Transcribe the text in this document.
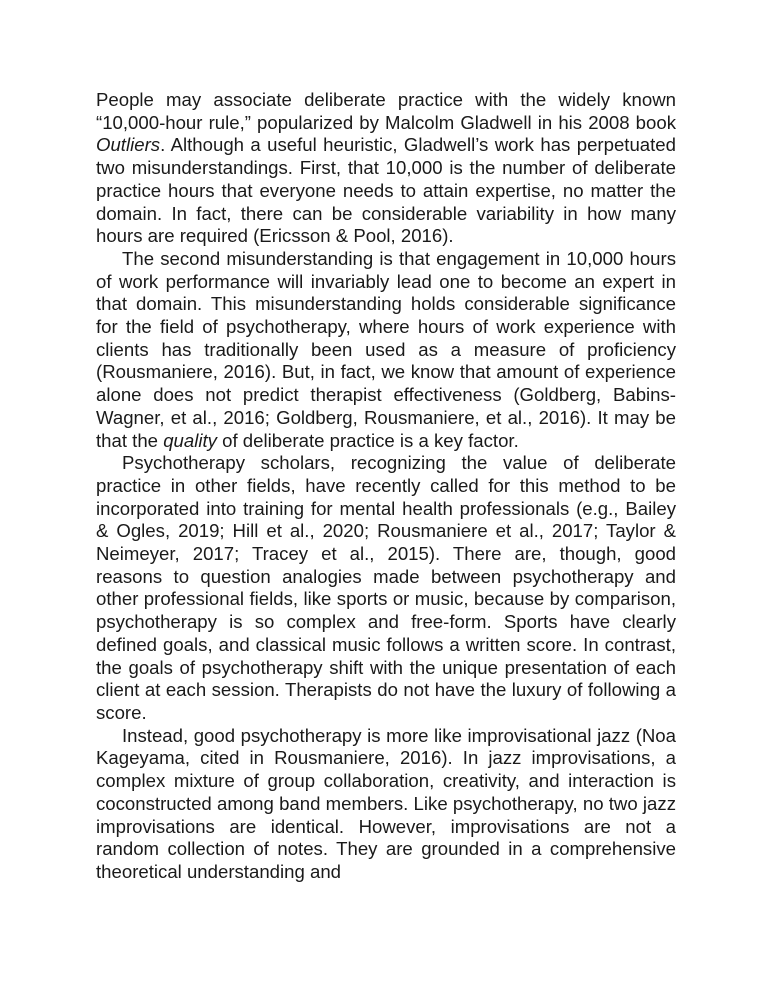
People may associate deliberate practice with the widely known “10,000-hour rule,” popularized by Malcolm Gladwell in his 2008 book Outliers. Although a useful heuristic, Gladwell’s work has perpetuated two misunderstandings. First, that 10,000 is the number of deliberate practice hours that everyone needs to attain expertise, no matter the domain. In fact, there can be considerable variability in how many hours are required (Ericsson & Pool, 2016).

The second misunderstanding is that engagement in 10,000 hours of work performance will invariably lead one to become an expert in that domain. This misunderstanding holds considerable significance for the field of psychotherapy, where hours of work experience with clients has traditionally been used as a measure of proficiency (Rousmaniere, 2016). But, in fact, we know that amount of experience alone does not predict therapist effectiveness (Goldberg, Babins-Wagner, et al., 2016; Goldberg, Rousmaniere, et al., 2016). It may be that the quality of deliberate practice is a key factor.

Psychotherapy scholars, recognizing the value of deliberate practice in other fields, have recently called for this method to be incorporated into training for mental health professionals (e.g., Bailey & Ogles, 2019; Hill et al., 2020; Rousmaniere et al., 2017; Taylor & Neimeyer, 2017; Tracey et al., 2015). There are, though, good reasons to question analogies made between psychotherapy and other professional fields, like sports or music, because by comparison, psychotherapy is so complex and free-form. Sports have clearly defined goals, and classical music follows a written score. In contrast, the goals of psychotherapy shift with the unique presentation of each client at each session. Therapists do not have the luxury of following a score.

Instead, good psychotherapy is more like improvisational jazz (Noa Kageyama, cited in Rousmaniere, 2016). In jazz improvisations, a complex mixture of group collaboration, creativity, and interaction is coconstructed among band members. Like psychotherapy, no two jazz improvisations are identical. However, improvisations are not a random collection of notes. They are grounded in a comprehensive theoretical understanding and
